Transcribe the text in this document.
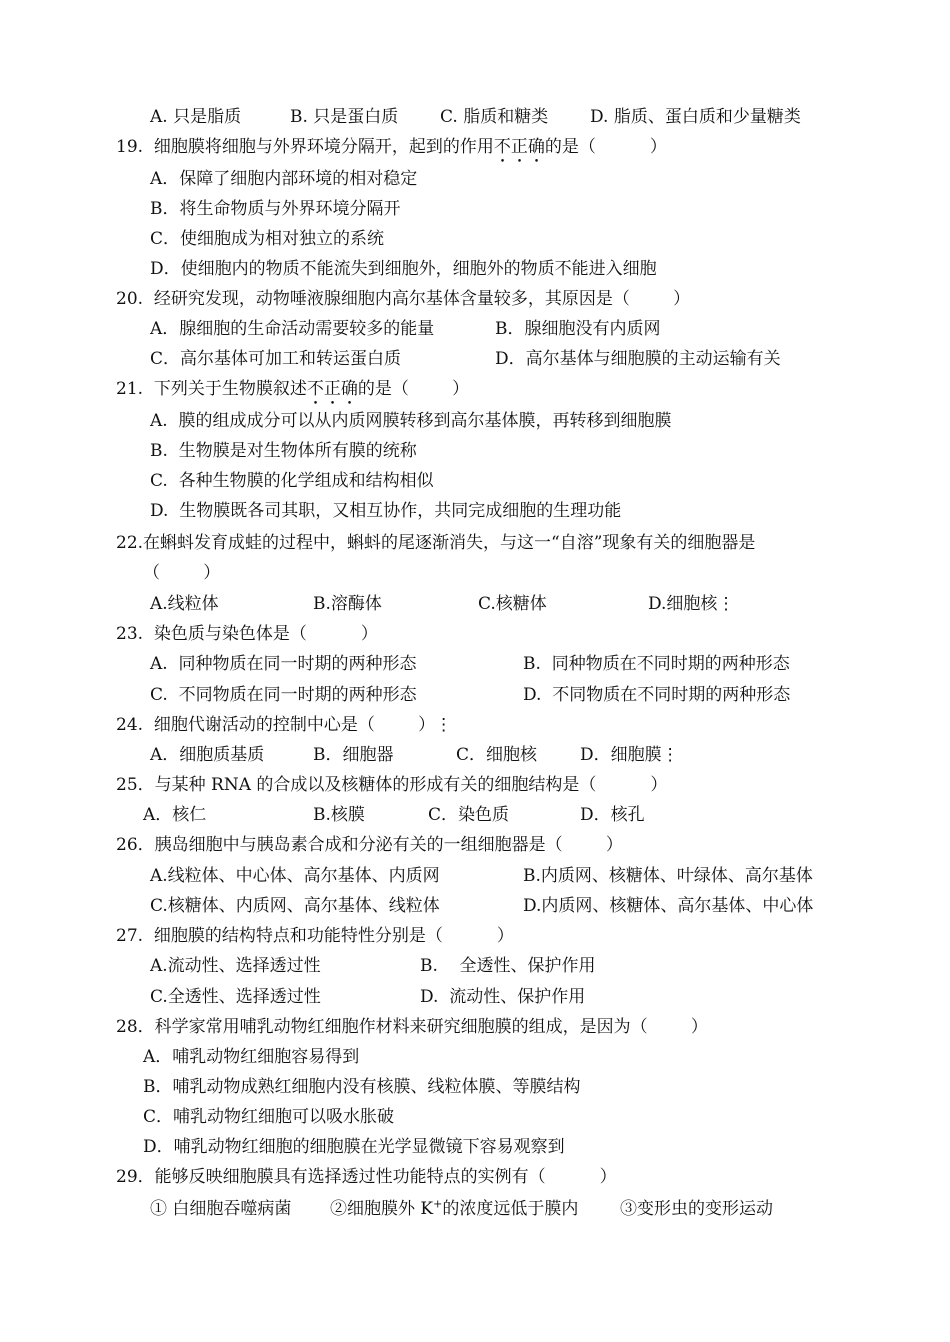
A. 只是脂质	B. 只是蛋白质 C. 脂质和糖类 D. 脂质、蛋白质和少量糖类
19.  细胞膜将细胞与外界环境分隔开，起到的作用不正确的是（          ）
A．保障了细胞内部环境的相对稳定
B．将生命物质与外界环境分隔开
C．使细胞成为相对独立的系统
D．使细胞内的物质不能流失到细胞外，细胞外的物质不能进入细胞
20.  经研究发现，动物唾液腺细胞内高尔基体含量较多，其原因是（        ）
A．腺细胞的生命活动需要较多的能量	B．腺细胞没有内质网
C．高尔基体可加工和转运蛋白质	D．高尔基体与细胞膜的主动运输有关
21.  下列关于生物膜叙述不正确的是（        ）
A.  膜的组成成分可以从内质网膜转移到高尔基体膜，再转移到细胞膜
B.  生物膜是对生物体所有膜的统称
C.  各种生物膜的化学组成和结构相似
D.  生物膜既各司其职，又相互协作，共同完成细胞的生理功能
22.在蝌蚪发育成蛙的过程中，蝌蚪的尾逐渐消失，与这一“自溶”现象有关的细胞器是
（        ）
A.线粒体	B.溶酶体	C.核糖体	D.细胞核⋮
23.  染色质与染色体是（          ）
A.  同种物质在同一时期的两种形态	B.  同种物质在不同时期的两种形态
C.  不同物质在同一时期的两种形态	D.  不同物质在不同时期的两种形态
24.  细胞代谢活动的控制中心是（        ）⋮
A．细胞质基质	B．细胞器	C．细胞核	D．细胞膜⋮
25．与某种 RNA 的合成以及核糖体的形成有关的细胞结构是（          ）
A．核仁	B.核膜	C．染色质	D．核孔
26．胰岛细胞中与胰岛素合成和分泌有关的一组细胞器是（        ）
A.线粒体、中心体、高尔基体、内质网	B.内质网、核糖体、叶绿体、高尔基体
C.核糖体、内质网、高尔基体、线粒体	D.内质网、核糖体、高尔基体、中心体
27.  细胞膜的结构特点和功能特性分别是（          ）
A.流动性、选择透过性	B.    全透性、保护作用
C.全透性、选择透过性	D.  流动性、保护作用
28．科学家常用哺乳动物红细胞作材料来研究细胞膜的组成，是因为（        ）
A．哺乳动物红细胞容易得到
B．哺乳动物成熟红细胞内没有核膜、线粒体膜、等膜结构
C．哺乳动物红细胞可以吸水胀破
D．哺乳动物红细胞的细胞膜在光学显微镜下容易观察到
29．能够反映细胞膜具有选择透过性功能特点的实例有（          ）
① 白细胞吞噬病菌 ②细胞膜外 K+的浓度远低于膜内 ③变形虫的变形运动
